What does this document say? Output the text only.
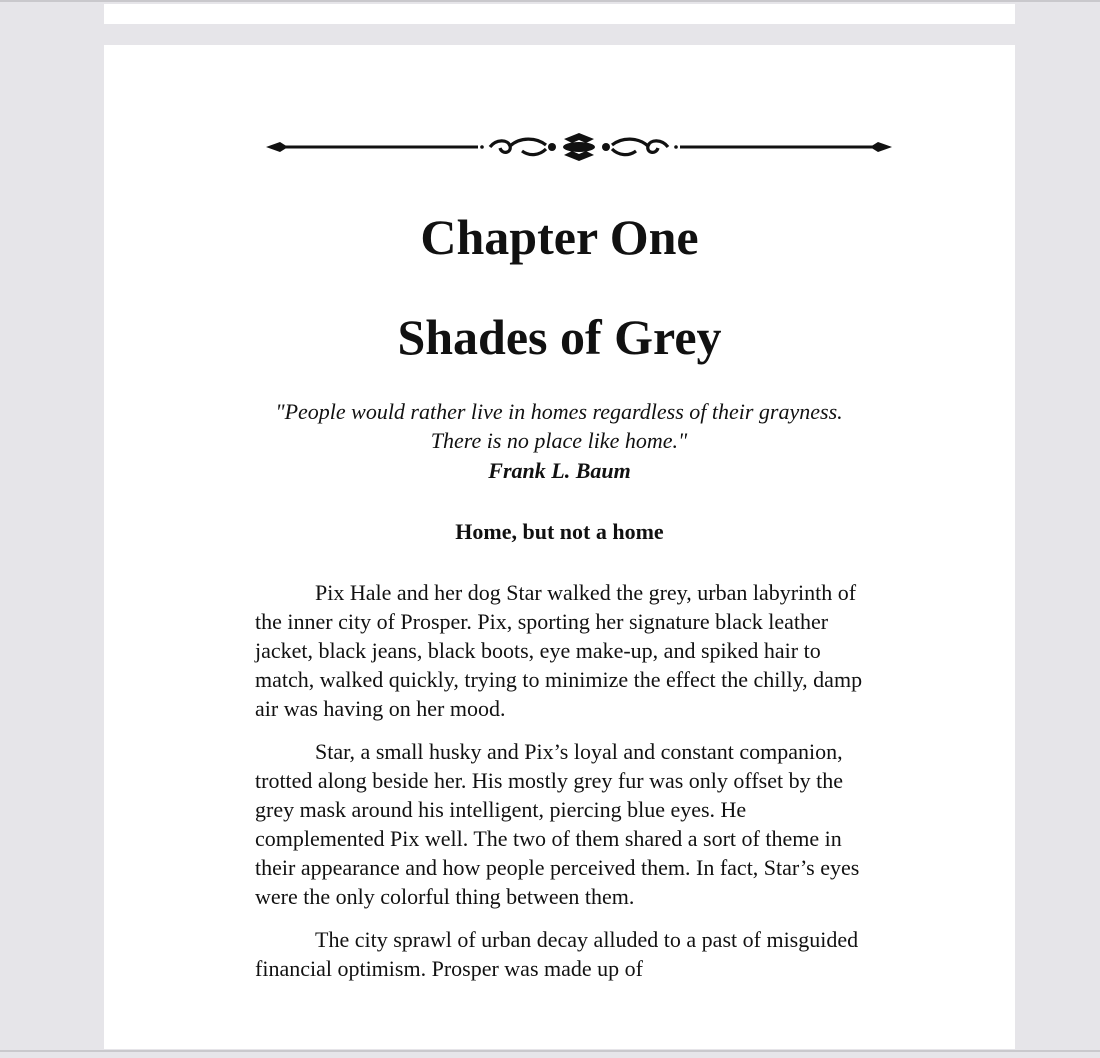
Chapter One
Shades of Grey
"People would rather live in homes regardless of their grayness. There is no place like home."
Frank L. Baum
Home, but not a home

Pix Hale and her dog Star walked the grey, urban labyrinth of the inner city of Prosper. Pix, sporting her signature black leather jacket, black jeans, black boots, eye make-up, and spiked hair to match, walked quickly, trying to minimize the effect the chilly, damp air was having on her mood.

Star, a small husky and Pix’s loyal and constant companion, trotted along beside her. His mostly grey fur was only offset by the grey mask around his intelligent, piercing blue eyes. He complemented Pix well. The two of them shared a sort of theme in their appearance and how people perceived them. In fact, Star’s eyes were the only colorful thing between them.

The city sprawl of urban decay alluded to a past of misguided financial optimism. Prosper was made up of
